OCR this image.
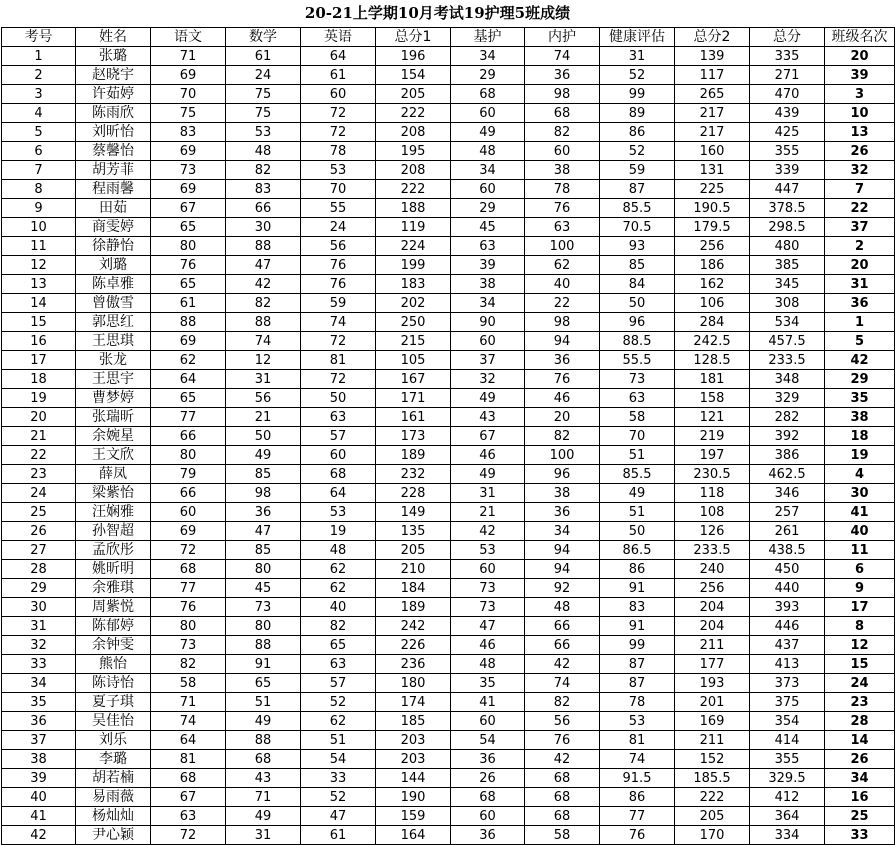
20-21上学期10月考试19护理5班成绩
考号	姓名	语文	数学	英语	总分1	基护	内护	健康评估	总分2	总分	班级名次
1	张璐	71	61	64	196	34	74	31	139	335	20
2	赵晓宇	69	24	61	154	29	36	52	117	271	39
3	许茹婷	70	75	60	205	68	98	99	265	470	3
4	陈雨欣	75	75	72	222	60	68	89	217	439	10
5	刘昕怡	83	53	72	208	49	82	86	217	425	13
6	蔡馨怡	69	48	78	195	48	60	52	160	355	26
7	胡芳菲	73	82	53	208	34	38	59	131	339	32
8	程雨馨	69	83	70	222	60	78	87	225	447	7
9	田茹	67	66	55	188	29	76	85.5	190.5	378.5	22
10	商雯婷	65	30	24	119	45	63	70.5	179.5	298.5	37
11	徐静怡	80	88	56	224	63	100	93	256	480	2
12	刘璐	76	47	76	199	39	62	85	186	385	20
13	陈卓雅	65	42	76	183	38	40	84	162	345	31
14	曾傲雪	61	82	59	202	34	22	50	106	308	36
15	郭思红	88	88	74	250	90	98	96	284	534	1
16	王思琪	69	74	72	215	60	94	88.5	242.5	457.5	5
17	张龙	62	12	81	105	37	36	55.5	128.5	233.5	42
18	王思宇	64	31	72	167	32	76	73	181	348	29
19	曹梦婷	65	56	50	171	49	46	63	158	329	35
20	张瑞昕	77	21	63	161	43	20	58	121	282	38
21	余婉星	66	50	57	173	67	82	70	219	392	18
22	王文欣	80	49	60	189	46	100	51	197	386	19
23	薛凤	79	85	68	232	49	96	85.5	230.5	462.5	4
24	梁紫怡	66	98	64	228	31	38	49	118	346	30
25	汪娴雅	60	36	53	149	21	36	51	108	257	41
26	孙智超	69	47	19	135	42	34	50	126	261	40
27	孟欣彤	72	85	48	205	53	94	86.5	233.5	438.5	11
28	姚昕明	68	80	62	210	60	94	86	240	450	6
29	余雅琪	77	45	62	184	73	92	91	256	440	9
30	周紫悦	76	73	40	189	73	48	83	204	393	17
31	陈郁婷	80	80	82	242	47	66	91	204	446	8
32	余钟雯	73	88	65	226	46	66	99	211	437	12
33	熊怡	82	91	63	236	48	42	87	177	413	15
34	陈诗怡	58	65	57	180	35	74	87	193	373	24
35	夏子琪	71	51	52	174	41	82	78	201	375	23
36	吴佳怡	74	49	62	185	60	56	53	169	354	28
37	刘乐	64	88	51	203	54	76	81	211	414	14
38	李璐	81	68	54	203	36	42	74	152	355	26
39	胡若楠	68	43	33	144	26	68	91.5	185.5	329.5	34
40	易雨薇	67	71	52	190	68	68	86	222	412	16
41	杨灿灿	63	49	47	159	60	68	77	205	364	25
42	尹心颖	72	31	61	164	36	58	76	170	334	33
